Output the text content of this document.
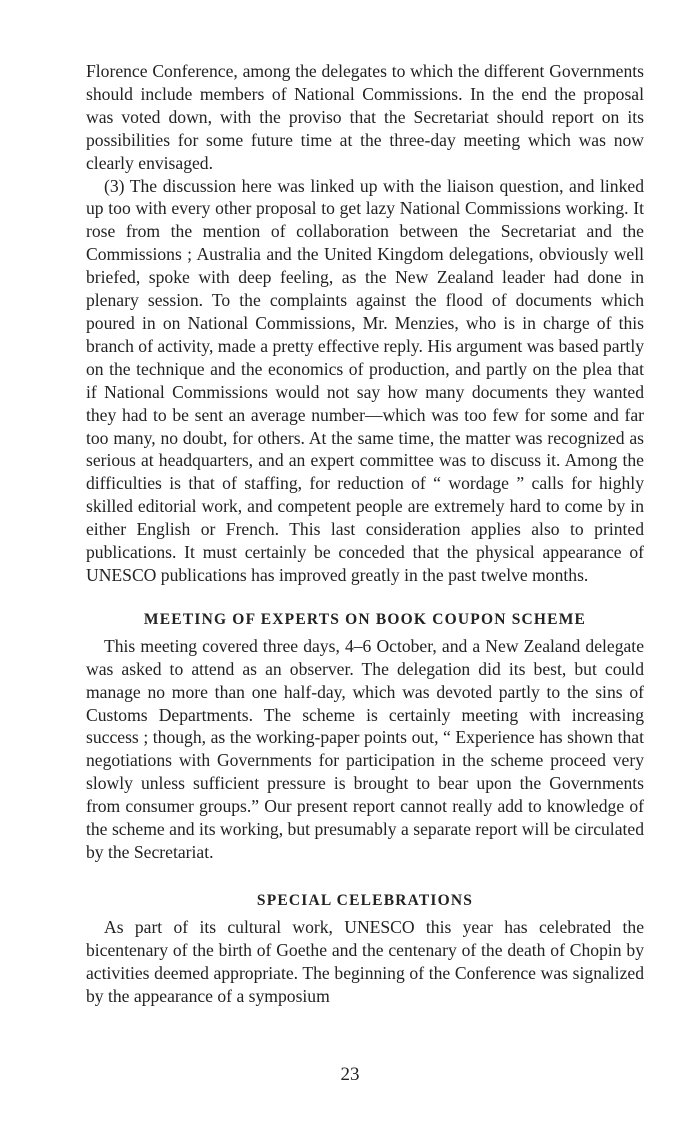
Florence Conference, among the delegates to which the different Governments should include members of National Commissions. In the end the proposal was voted down, with the proviso that the Secretariat should report on its possibilities for some future time at the three-day meeting which was now clearly envisaged.

(3) The discussion here was linked up with the liaison question, and linked up too with every other proposal to get lazy National Commissions working. It rose from the mention of collaboration between the Secretariat and the Commissions ; Australia and the United Kingdom delegations, obviously well briefed, spoke with deep feeling, as the New Zealand leader had done in plenary session. To the complaints against the flood of documents which poured in on National Commissions, Mr. Menzies, who is in charge of this branch of activity, made a pretty effective reply. His argument was based partly on the technique and the economics of production, and partly on the plea that if National Commissions would not say how many documents they wanted they had to be sent an average number—which was too few for some and far too many, no doubt, for others. At the same time, the matter was recognized as serious at headquarters, and an expert committee was to discuss it. Among the difficulties is that of staffing, for reduction of “ wordage ” calls for highly skilled editorial work, and competent people are extremely hard to come by in either English or French. This last consideration applies also to printed publications. It must certainly be conceded that the physical appearance of UNESCO publications has improved greatly in the past twelve months.

MEETING OF EXPERTS ON BOOK COUPON SCHEME

This meeting covered three days, 4–6 October, and a New Zealand delegate was asked to attend as an observer. The delegation did its best, but could manage no more than one half-day, which was devoted partly to the sins of Customs Departments. The scheme is certainly meeting with increasing success ; though, as the working-paper points out, “ Experience has shown that negotiations with Governments for participation in the scheme proceed very slowly unless sufficient pressure is brought to bear upon the Governments from consumer groups.” Our present report cannot really add to knowledge of the scheme and its working, but presumably a separate report will be circulated by the Secretariat.

SPECIAL CELEBRATIONS

As part of its cultural work, UNESCO this year has celebrated the bicentenary of the birth of Goethe and the centenary of the death of Chopin by activities deemed appropriate. The beginning of the Conference was signalized by the appearance of a symposium

23
